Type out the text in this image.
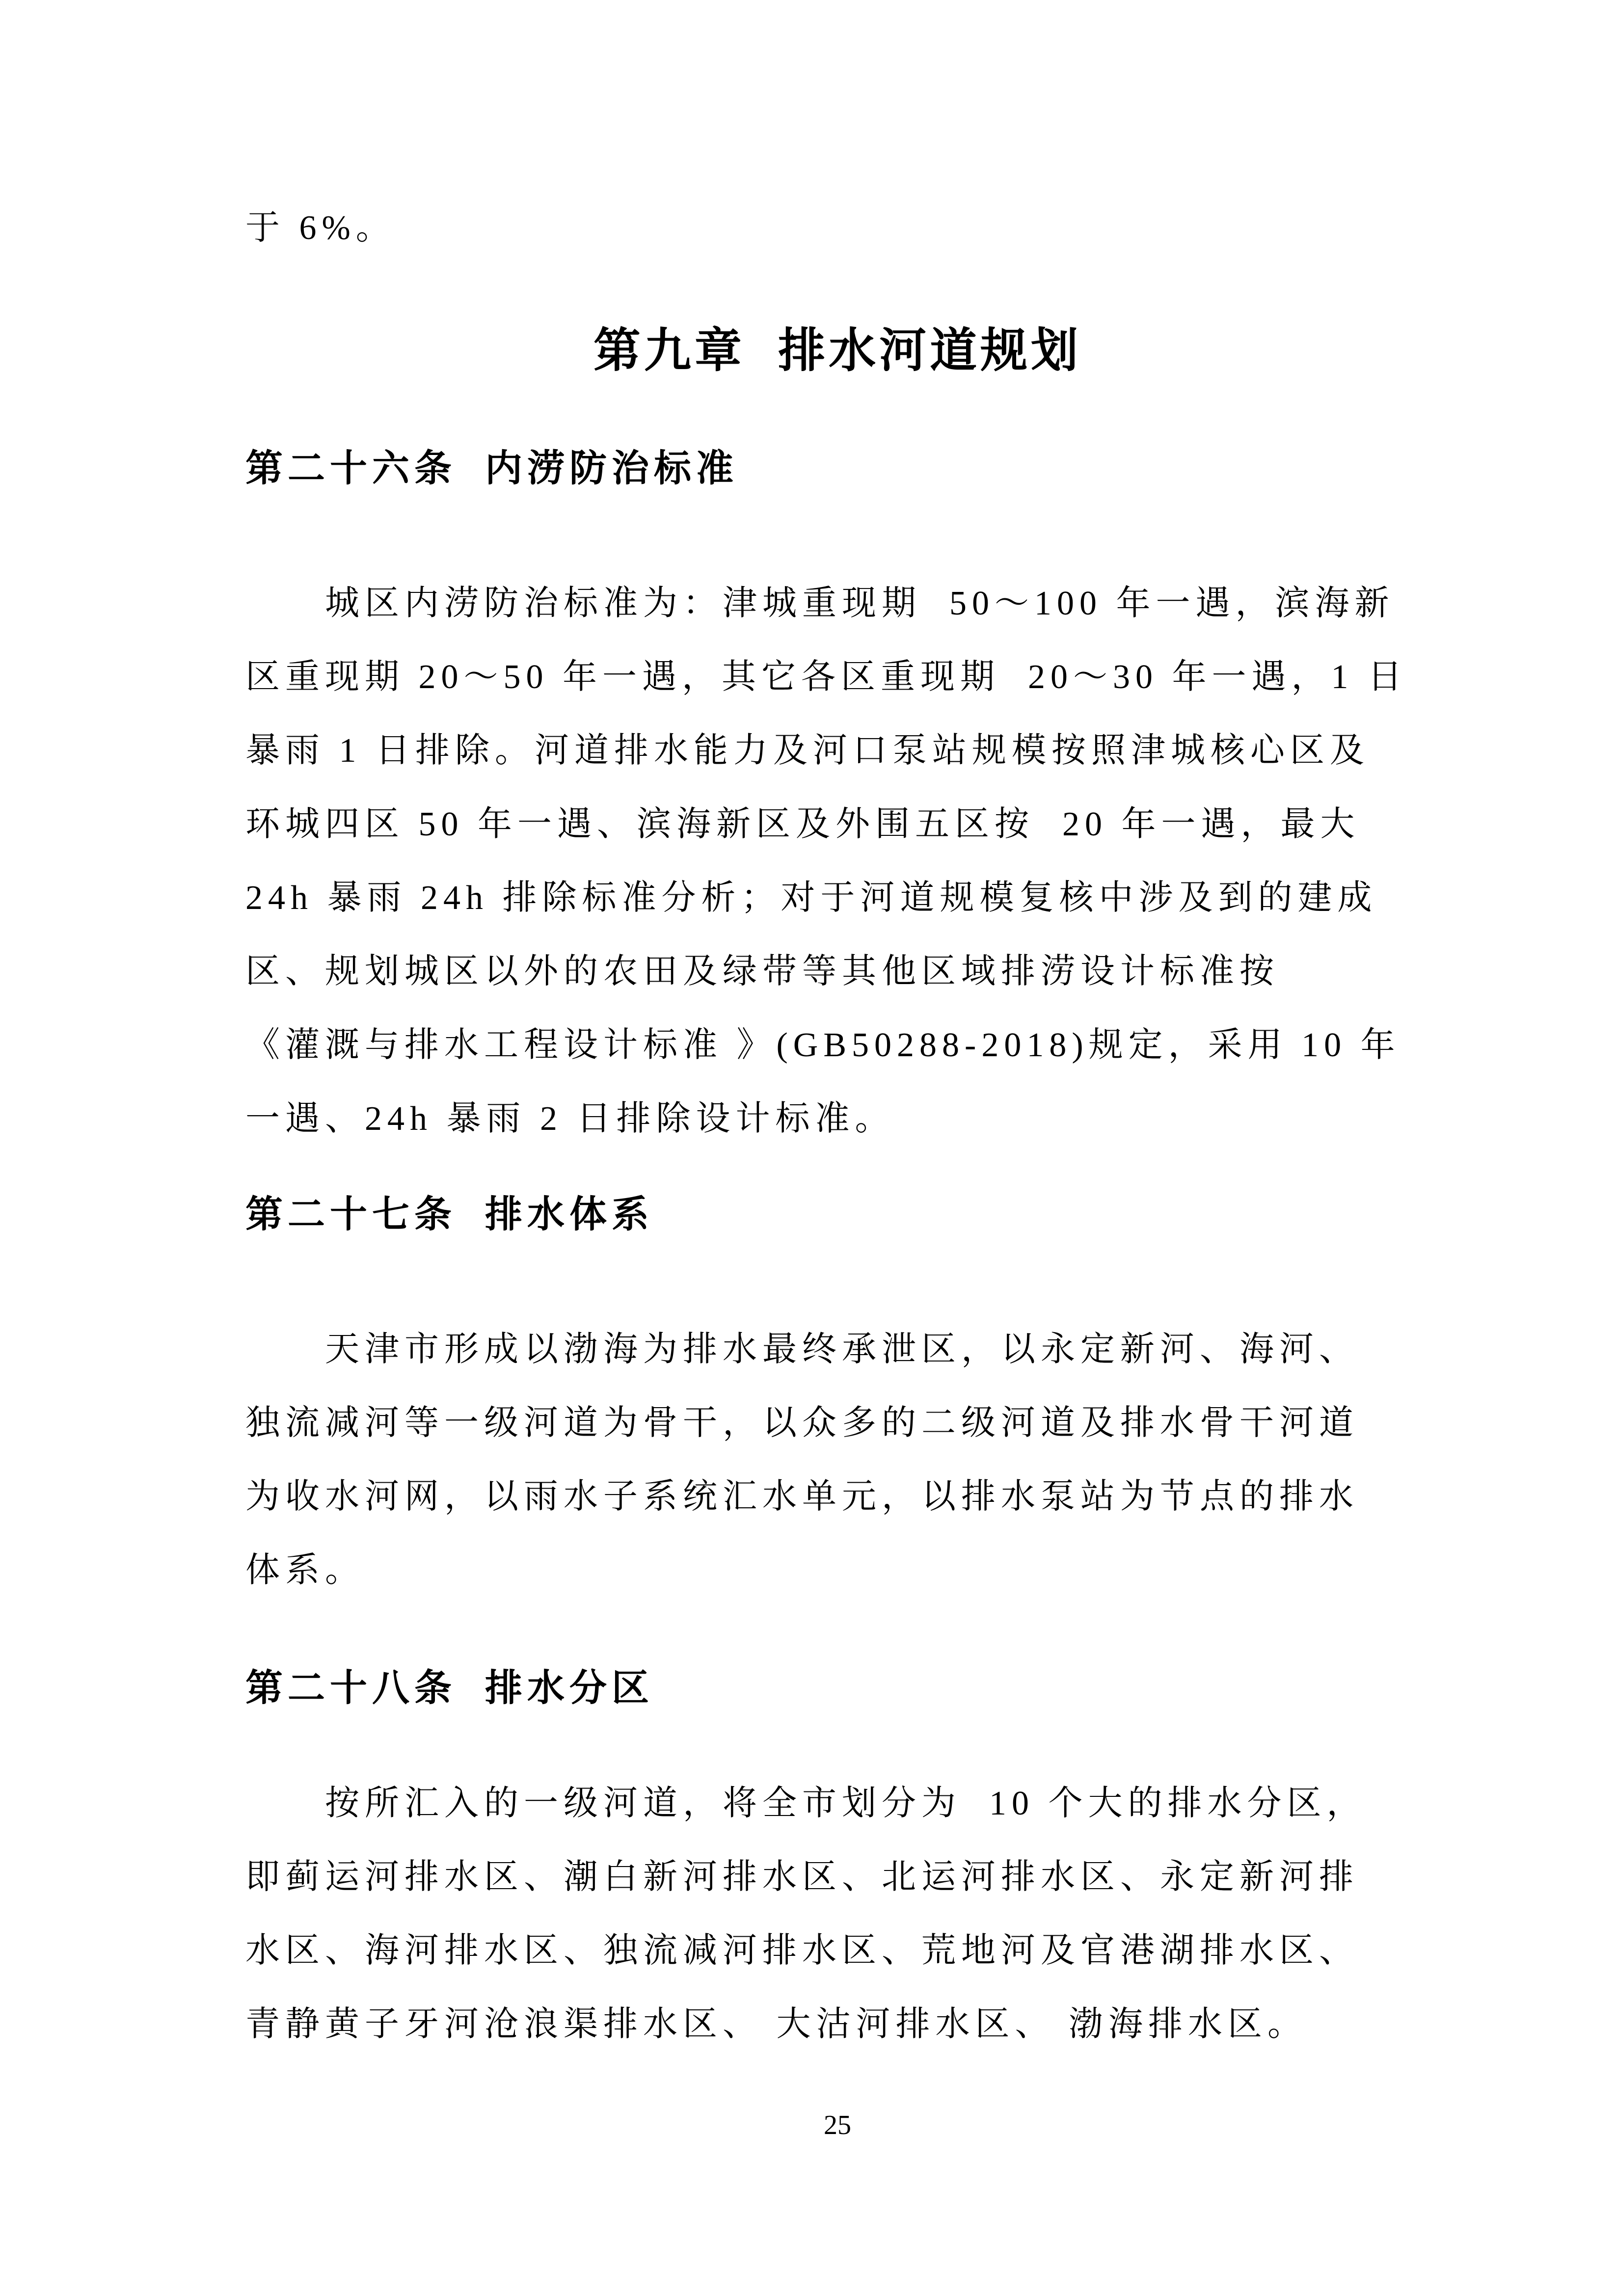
于 6%。

第九章  排水河道规划
第二十六条  内涝防治标准
城区内涝防治标准为：津城重现期  50～100 年一遇，滨海新
区重现期 20～50 年一遇，其它各区重现期  20～30 年一遇，1 日
暴雨 1 日排除。河道排水能力及河口泵站规模按照津城核心区及
环城四区 50 年一遇、滨海新区及外围五区按  20 年一遇，最大
24h 暴雨 24h 排除标准分析；对于河道规模复核中涉及到的建成
区、规划城区以外的农田及绿带等其他区域排涝设计标准按
《灌溉与排水工程设计标准 》(GB50288-2018)规定，采用 10 年
一遇、24h 暴雨 2 日排除设计标准。
第二十七条  排水体系
天津市形成以渤海为排水最终承泄区，以永定新河、海河、
独流减河等一级河道为骨干，以众多的二级河道及排水骨干河道
为收水河网，以雨水子系统汇水单元，以排水泵站为节点的排水
体系。
第二十八条  排水分区
按所汇入的一级河道，将全市划分为  10 个大的排水分区，
即蓟运河排水区、潮白新河排水区、北运河排水区、永定新河排
水区、海河排水区、独流减河排水区、荒地河及官港湖排水区、
青静黄子牙河沧浪渠排水区、 大沽河排水区、 渤海排水区。
25
